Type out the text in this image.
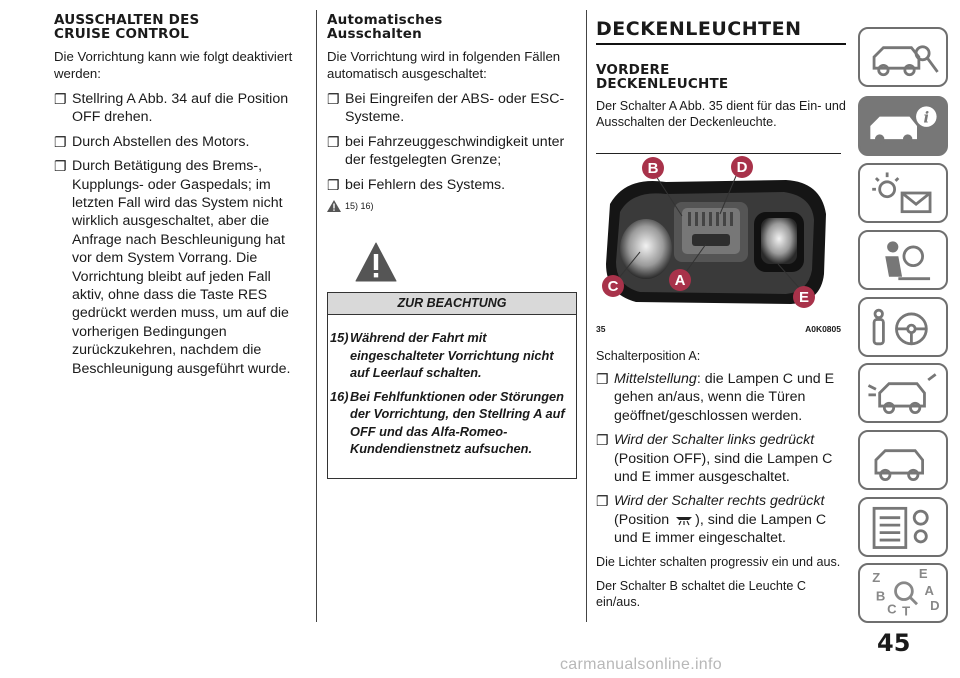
AUSSCHALTEN DES
CRUISE CONTROL

Die Vorrichtung kann wie folgt deaktiviert werden:

❐ Stellring A Abb. 34 auf die Position OFF drehen.
❐ Durch Abstellen des Motors.
❐ Durch Betätigung des Brems-, Kupplungs- oder Gaspedals; im letzten Fall wird das System nicht wirklich ausgeschaltet, aber die Anfrage nach Beschleunigung hat vor dem System Vorrang. Die Vorrichtung bleibt auf jeden Fall aktiv, ohne dass die Taste RES gedrückt werden muss, um auf die vorherigen Bedingungen zurückzukehren, nachdem die Beschleunigung ausgeführt wurde.
Automatisches
Ausschalten

Die Vorrichtung wird in folgenden Fällen automatisch ausgeschaltet:

❐ Bei Eingreifen der ABS- oder ESC-Systeme.
❐ bei Fahrzeuggeschwindigkeit unter der festgelegten Grenze;
❐ bei Fehlern des Systems.
15) 16)
ZUR BEACHTUNG
15) Während der Fahrt mit eingeschalteter Vorrichtung nicht auf Leerlauf schalten.
16) Bei Fehlfunktionen oder Störungen der Vorrichtung, den Stellring A auf OFF und das Alfa-Romeo-Kundendienstnetz aufsuchen.
DECKENLEUCHTEN
VORDERE
DECKENLEUCHTE

Der Schalter A Abb. 35 dient für das Ein- und Ausschalten der Deckenleuchte.

B	D
C	A
E
35	A0K0805

Schalterposition A:

❐ Mittelstellung: die Lampen C und E gehen an/aus, wenn die Türen geöffnet/geschlossen werden.
❐ Wird der Schalter links gedrückt
(Position OFF), sind die Lampen C und E immer ausgeschaltet.
❐ Wird der Schalter rechts gedrückt
(Position ), sind die Lampen C und E immer eingeschaltet.

Die Lichter schalten progressiv ein und aus.

Der Schalter B schaltet die Leuchte C ein/aus.

i
Z	E
B	A
C T D
45
carmanualsonline.info
